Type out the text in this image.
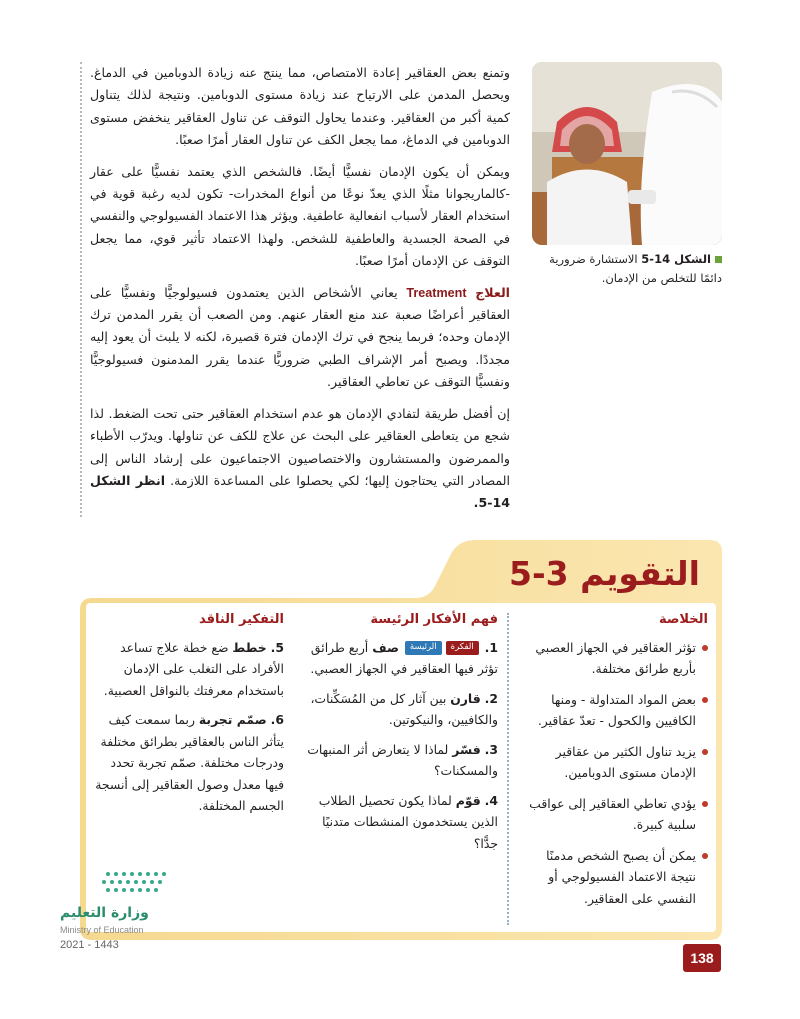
وتمنع بعض العقاقير إعادة الامتصاص، مما ينتج عنه زيادة الدوبامين في الدماغ. ويحصل المدمن على الارتياح عند زيادة مستوى الدوبامين. ونتيجة لذلك يتناول كمية أكبر من العقاقير. وعندما يحاول التوقف عن تناول العقاقير ينخفض مستوى الدوبامين في الدماغ، مما يجعل الكف عن تناول العقار أمرًا صعبًا.

ويمكن أن يكون الإدمان نفسيًّا أيضًا. فالشخص الذي يعتمد نفسيًّا على عقار -كالماريجوانا مثلًا الذي يعدّ نوعًا من أنواع المخدرات- تكون لديه رغبة قوية في استخدام العقار لأسباب انفعالية عاطفية. ويؤثر هذا الاعتماد الفسيولوجي والنفسي في الصحة الجسدية والعاطفية للشخص. ولهذا الاعتماد تأثير قوي، مما يجعل التوقف عن الإدمان أمرًا صعبًا.

العلاج Treatment يعاني الأشخاص الذين يعتمدون فسيولوجيًّا ونفسيًّا على العقاقير أعراضًا صعبة عند منع العقار عنهم. ومن الصعب أن يقرر المدمن ترك الإدمان وحده؛ فربما ينجح في ترك الإدمان فترة قصيرة، لكنه لا يلبث أن يعود إليه مجددًا. ويصبح أمر الإشراف الطبي ضروريًّا عندما يقرر المدمنون فسيولوجيًّا ونفسيًّا التوقف عن تعاطي العقاقير.

إن أفضل طريقة لتفادي الإدمان هو عدم استخدام العقاقير حتى تحت الضغط. لذا شجع من يتعاطى العقاقير على البحث عن علاج للكف عن تناولها. ويدرّب الأطباء والممرضون والمستشارون والاختصاصيون الاجتماعيون على إرشاد الناس إلى المصادر التي يحتاجون إليها؛ لكي يحصلوا على المساعدة اللازمة. انظر الشكل 14-5.

الشكل 14-5 الاستشارة ضرورية دائمًا للتخلص من الإدمان.
التقويم 3-5
الخلاصة
تؤثر العقاقير في الجهاز العصبي بأربع طرائق مختلفة.
بعض المواد المتداولة - ومنها الكافيين والكحول - تعدّ عقاقير.
يزيد تناول الكثير من عقاقير الإدمان مستوى الدوبامين.
يؤدي تعاطي العقاقير إلى عواقب سلبية كبيرة.
يمكن أن يصبح الشخص مدمنًا نتيجة الاعتماد الفسيولوجي أو النفسي على العقاقير.
فهم الأفكار الرئيسة
1. الفكرةالرئيسة صف أربع طرائق تؤثر فيها العقاقير في الجهاز العصبي.
2. قارن بين آثار كل من المُسَكِّنات، والكافيين، والنيكوتين.
3. فسّر لماذا لا يتعارض أثر المنبهات والمسكنات؟
4. قوّم لماذا يكون تحصيل الطلاب الذين يستخدمون المنشطات متدنيًا جدًّا؟
التفكير الناقد
5. خطط ضع خطة علاج تساعد الأفراد على التغلب على الإدمان باستخدام معرفتك بالنواقل العصبية.
6. صمّم تجربة ربما سمعت كيف يتأثر الناس بالعقاقير بطرائق مختلفة ودرجات مختلفة. صمّم تجربة تحدد فيها معدل وصول العقاقير إلى أنسجة الجسم المختلفة.
وزارة التعليم
Ministry of Education
2021 - 1443
138
